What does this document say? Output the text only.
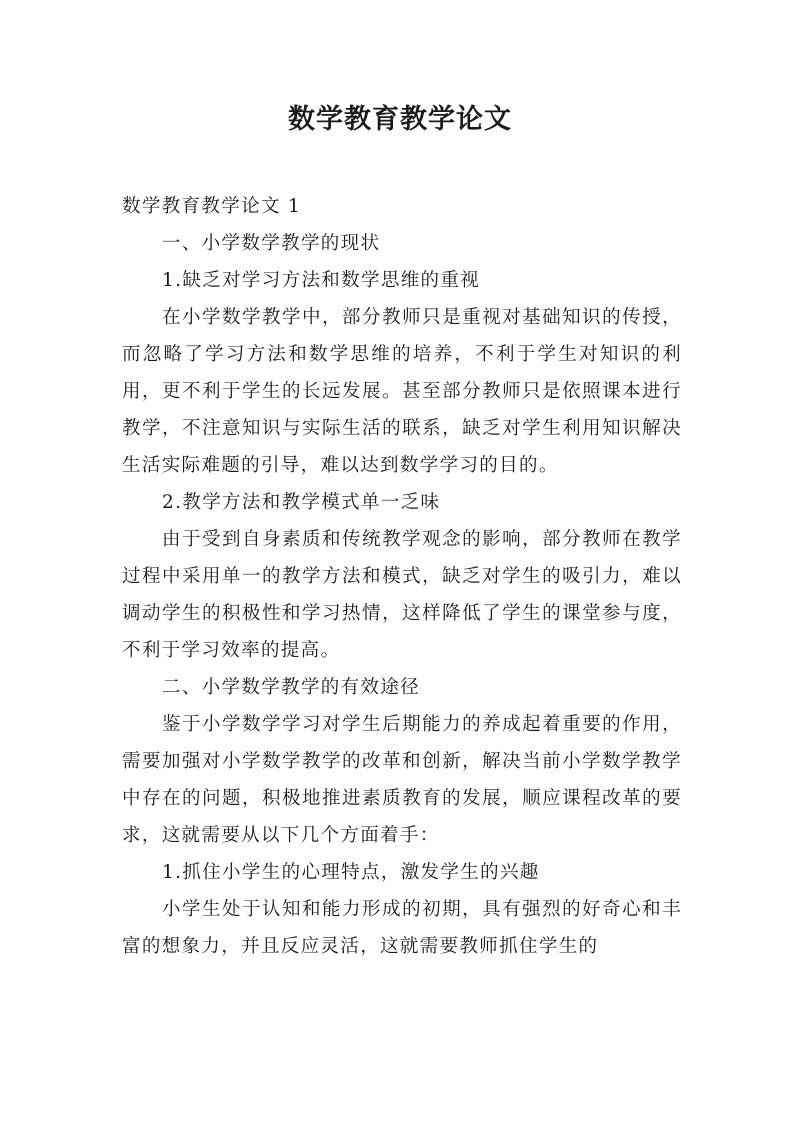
数学教育教学论文

数学教育教学论文 1

一、小学数学教学的现状

1.缺乏对学习方法和数学思维的重视

在小学数学教学中，部分教师只是重视对基础知识的传授，而忽略了学习方法和数学思维的培养，不利于学生对知识的利用，更不利于学生的长远发展。甚至部分教师只是依照课本进行教学，不注意知识与实际生活的联系，缺乏对学生利用知识解决生活实际难题的引导，难以达到数学学习的目的。

2.教学方法和教学模式单一乏味

由于受到自身素质和传统教学观念的影响，部分教师在教学过程中采用单一的教学方法和模式，缺乏对学生的吸引力，难以调动学生的积极性和学习热情，这样降低了学生的课堂参与度，不利于学习效率的提高。

二、小学数学教学的有效途径

鉴于小学数学学习对学生后期能力的养成起着重要的作用，需要加强对小学数学教学的改革和创新，解决当前小学数学教学中存在的问题，积极地推进素质教育的发展，顺应课程改革的要求，这就需要从以下几个方面着手：

1.抓住小学生的心理特点，激发学生的兴趣

小学生处于认知和能力形成的初期，具有强烈的好奇心和丰富的想象力，并且反应灵活，这就需要教师抓住学生的
